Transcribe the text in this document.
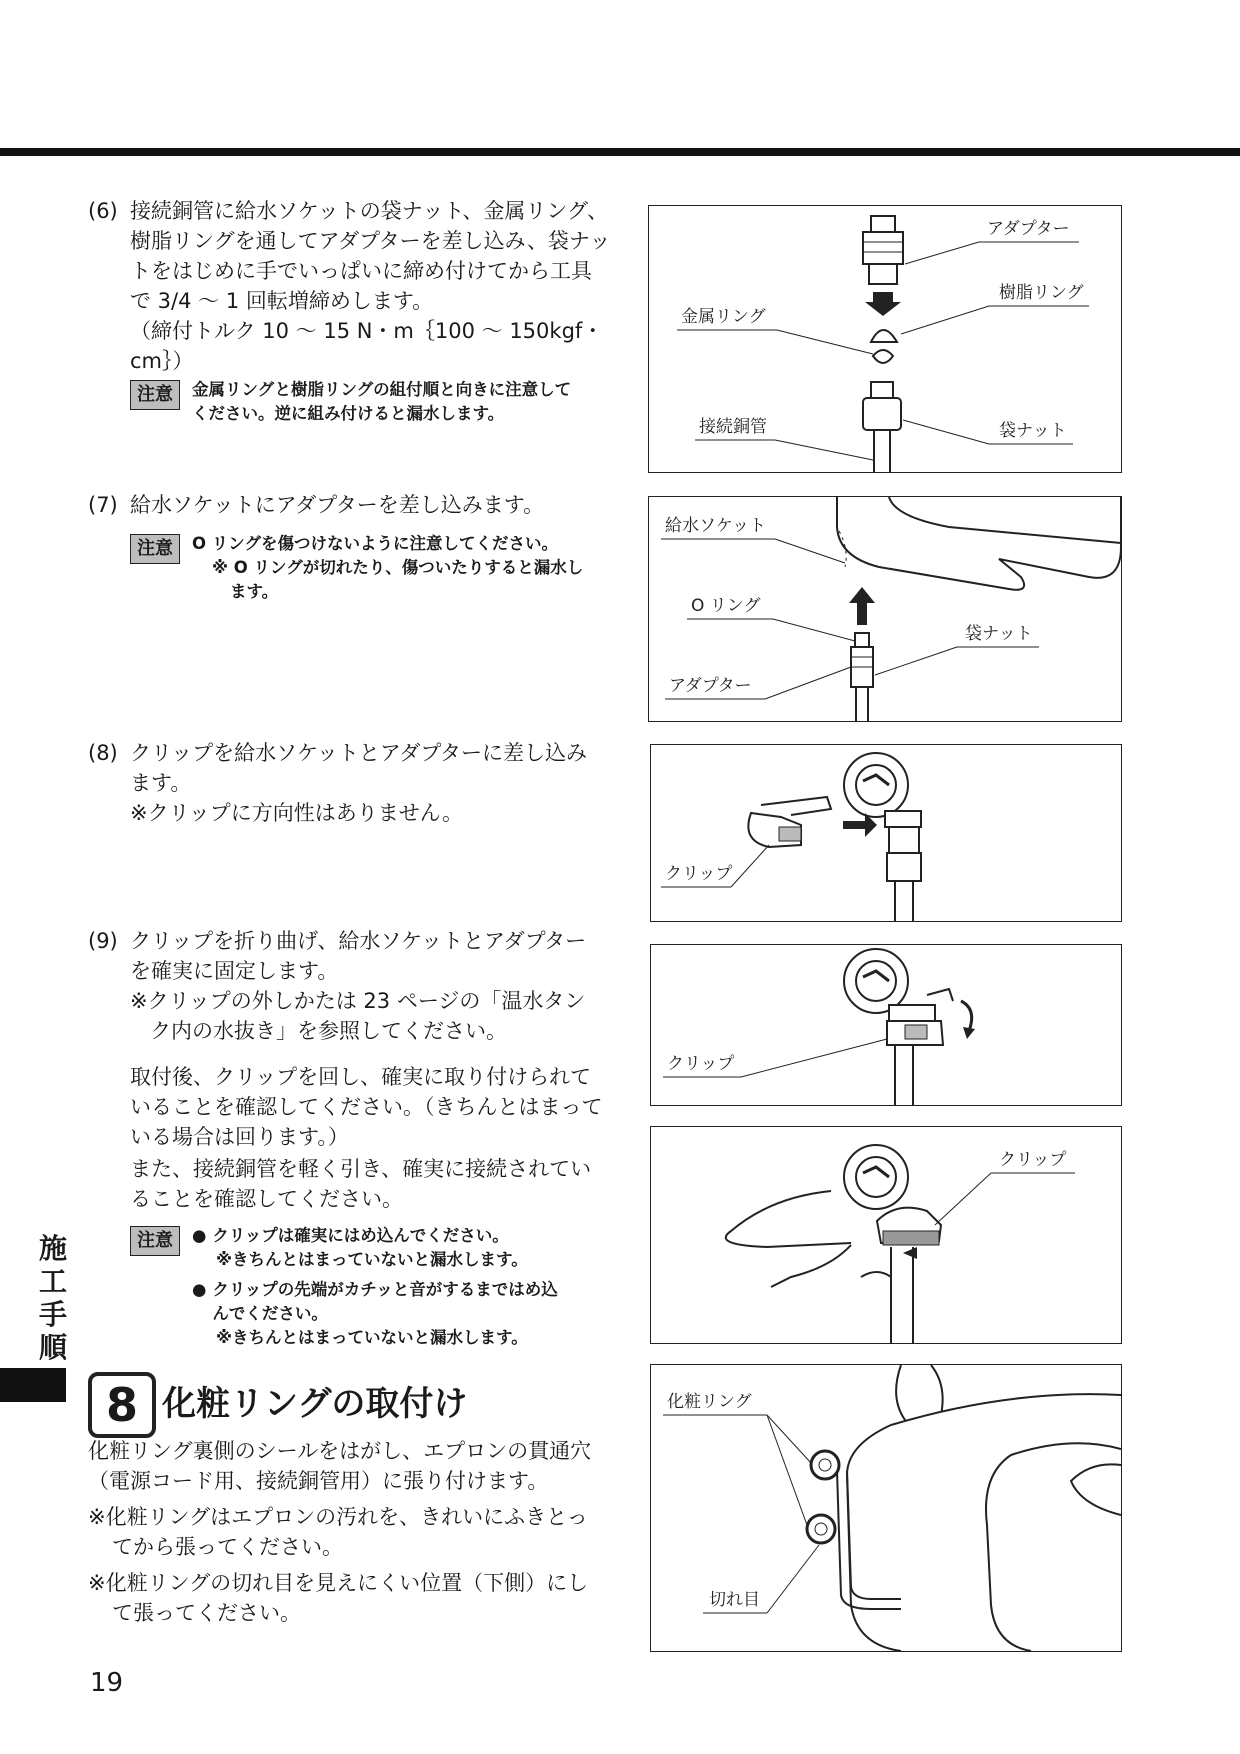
(6) 接続銅管に給水ソケットの袋ナット、金属リング、
樹脂リングを通してアダプターを差し込み、袋ナッ
トをはじめに手でいっぱいに締め付けてから工具
で 3/4 ～ 1 回転増締めします。
（締付トルク 10 ～ 15 N・m｛100 ～ 150kgf・cm｝）
注意	金属リングと樹脂リングの組付順と向きに注意して
ください。逆に組み付けると漏水します。
アダプター
樹脂リング
金属リング
接続銅管	袋ナット
(7) 給水ソケットにアダプターを差し込みます。
注意	O リングを傷つけないように注意してください。
※ O リングが切れたり、傷ついたりすると漏水し
ます。
給水ソケット
O リング
袋ナット
アダプター
(8) クリップを給水ソケットとアダプターに差し込み
ます。
※クリップに方向性はありません。
クリップ
(9) クリップを折り曲げ、給水ソケットとアダプター
を確実に固定します。
※クリップの外しかたは 23 ページの「温水タン
ク内の水抜き」を参照してください。
取付後、クリップを回し、確実に取り付けられて
いることを確認してください。（きちんとはまって
いる場合は回ります。）
また、接続銅管を軽く引き、確実に接続されてい
ることを確認してください。
注意	● クリップは確実にはめ込んでください。
※きちんとはまっていないと漏水します。
● クリップの先端がカチッと音がするまではめ込
んでください。
※きちんとはまっていないと漏水します。
クリップ
クリップ
施
工
手
順
8 化粧リングの取付け
化粧リング裏側のシールをはがし、エプロンの貫通穴
（電源コード用、接続銅管用）に張り付けます。
※化粧リングはエプロンの汚れを、きれいにふきとっ
てから張ってください。
※化粧リングの切れ目を見えにくい位置（下側）にし
て張ってください。
化粧リング
切れ目
19
